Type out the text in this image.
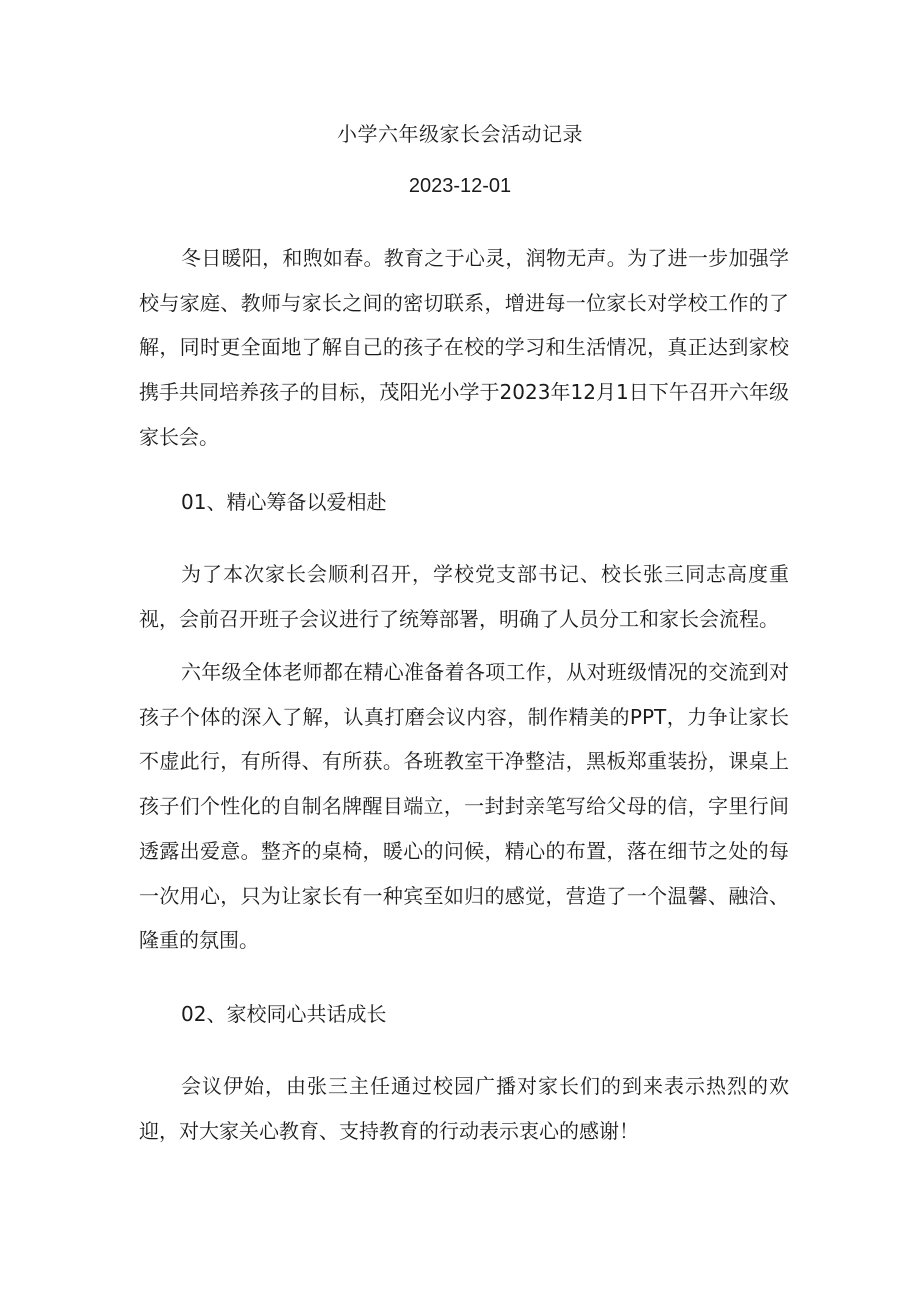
小学六年级家长会活动记录
2023-12-01

冬日暖阳，和煦如春。教育之于心灵，润物无声。为了进一步加强学校与家庭、教师与家长之间的密切联系，增进每一位家长对学校工作的了解，同时更全面地了解自己的孩子在校的学习和生活情况，真正达到家校携手共同培养孩子的目标，茂阳光小学于2023年12月1日下午召开六年级家长会。

01、精心筹备以爱相赴

为了本次家长会顺利召开，学校党支部书记、校长张三同志高度重视，会前召开班子会议进行了统筹部署，明确了人员分工和家长会流程。

六年级全体老师都在精心准备着各项工作，从对班级情况的交流到对孩子个体的深入了解，认真打磨会议内容，制作精美的PPT，力争让家长不虚此行，有所得、有所获。各班教室干净整洁，黑板郑重装扮，课桌上孩子们个性化的自制名牌醒目端立，一封封亲笔写给父母的信，字里行间透露出爱意。整齐的桌椅，暖心的问候，精心的布置，落在细节之处的每一次用心，只为让家长有一种宾至如归的感觉，营造了一个温馨、融洽、隆重的氛围。

02、家校同心共话成长

会议伊始，由张三主任通过校园广播对家长们的到来表示热烈的欢迎，对大家关心教育、支持教育的行动表示衷心的感谢！
